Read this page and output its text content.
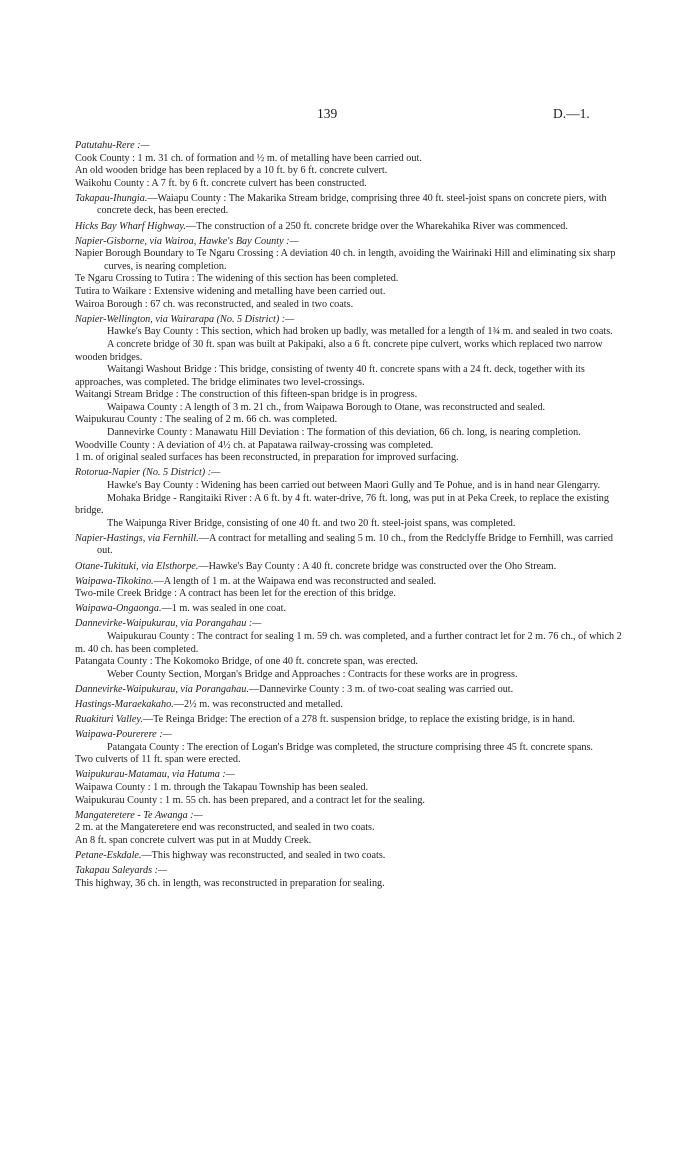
139	D.—1.
Patutahu-Rere :—
Cook County : 1 m. 31 ch. of formation and ½ m. of metalling have been carried out.
An old wooden bridge has been replaced by a 10 ft. by 6 ft. concrete culvert.
Waikohu County : A 7 ft. by 6 ft. concrete culvert has been constructed.
Takapau-Ihungia.—Waiapu County : The Makarika Stream bridge, comprising three 40 ft. steel-joist spans on concrete piers, with concrete deck, has been erected.
Hicks Bay Wharf Highway.—The construction of a 250 ft. concrete bridge over the Wharekahika River was commenced.
Napier-Gisborne, via Wairoa, Hawke's Bay County :—
Napier Borough Boundary to Te Ngaru Crossing : A deviation 40 ch. in length, avoiding the Wairinaki Hill and eliminating six sharp curves, is nearing completion.
Te Ngaru Crossing to Tutira : The widening of this section has been completed.
Tutira to Waikare : Extensive widening and metalling have been carried out.
Wairoa Borough : 67 ch. was reconstructed, and sealed in two coats.
Napier-Wellington, via Wairarapa (No. 5 District) :—
Hawke's Bay County : This section, which had broken up badly, was metalled for a length of 1¾ m. and sealed in two coats.
A concrete bridge of 30 ft. span was built at Pakipaki, also a 6 ft. concrete pipe culvert, works which replaced two narrow wooden bridges.
Waitangi Washout Bridge : This bridge, consisting of twenty 40 ft. concrete spans with a 24 ft. deck, together with its approaches, was completed. The bridge eliminates two level-crossings.
Waitangi Stream Bridge : The construction of this fifteen-span bridge is in progress.
Waipawa County : A length of 3 m. 21 ch., from Waipawa Borough to Otane, was reconstructed and sealed.
Waipukurau County : The sealing of 2 m. 66 ch. was completed.
Dannevirke County : Manawatu Hill Deviation : The formation of this deviation, 66 ch. long, is nearing completion.
Woodville County : A deviation of 4½ ch. at Papatawa railway-crossing was completed.
1 m. of original sealed surfaces has been reconstructed, in preparation for improved surfacing.
Rotorua-Napier (No. 5 District) :—
Hawke's Bay County : Widening has been carried out between Maori Gully and Te Pohue, and is in hand near Glengarry.
Mohaka Bridge - Rangitaiki River : A 6 ft. by 4 ft. water-drive, 76 ft. long, was put in at Peka Creek, to replace the existing bridge.
The Waipunga River Bridge, consisting of one 40 ft. and two 20 ft. steel-joist spans, was completed.
Napier-Hastings, via Fernhill.—A contract for metalling and sealing 5 m. 10 ch., from the Redclyffe Bridge to Fernhill, was carried out.
Otane-Tukituki, via Elsthorpe.—Hawke's Bay County : A 40 ft. concrete bridge was constructed over the Oho Stream.
Waipawa-Tikokino.—A length of 1 m. at the Waipawa end was reconstructed and sealed.
Two-mile Creek Bridge : A contract has been let for the erection of this bridge.
Waipawa-Ongaonga.—1 m. was sealed in one coat.
Dannevirke-Waipukurau, via Porangahau :—
Waipukurau County : The contract for sealing 1 m. 59 ch. was completed, and a further contract let for 2 m. 76 ch., of which 2 m. 40 ch. has been completed.
Patangata County : The Kokomoko Bridge, of one 40 ft. concrete span, was erected.
Weber County Section, Morgan's Bridge and Approaches : Contracts for these works are in progress.
Dannevirke-Waipukurau, via Porangahau.—Dannevirke County : 3 m. of two-coat sealing was carried out.
Hastings-Maraekakaho.—2½ m. was reconstructed and metalled.
Ruakituri Valley.—Te Reinga Bridge: The erection of a 278 ft. suspension bridge, to replace the existing bridge, is in hand.
Waipawa-Pourerere :—
Patangata County : The erection of Logan's Bridge was completed, the structure comprising three 45 ft. concrete spans.
Two culverts of 11 ft. span were erected.
Waipukurau-Matamau, via Hatuma :—
Waipawa County : 1 m. through the Takapau Township has been sealed.
Waipukurau County : 1 m. 55 ch. has been prepared, and a contract let for the sealing.
Mangateretere - Te Awanga :—
2 m. at the Mangateretere end was reconstructed, and sealed in two coats.
An 8 ft. span concrete culvert was put in at Muddy Creek.
Petane-Eskdale.—This highway was reconstructed, and sealed in two coats.
Takapau Saleyards :—
This highway, 36 ch. in length, was reconstructed in preparation for sealing.
